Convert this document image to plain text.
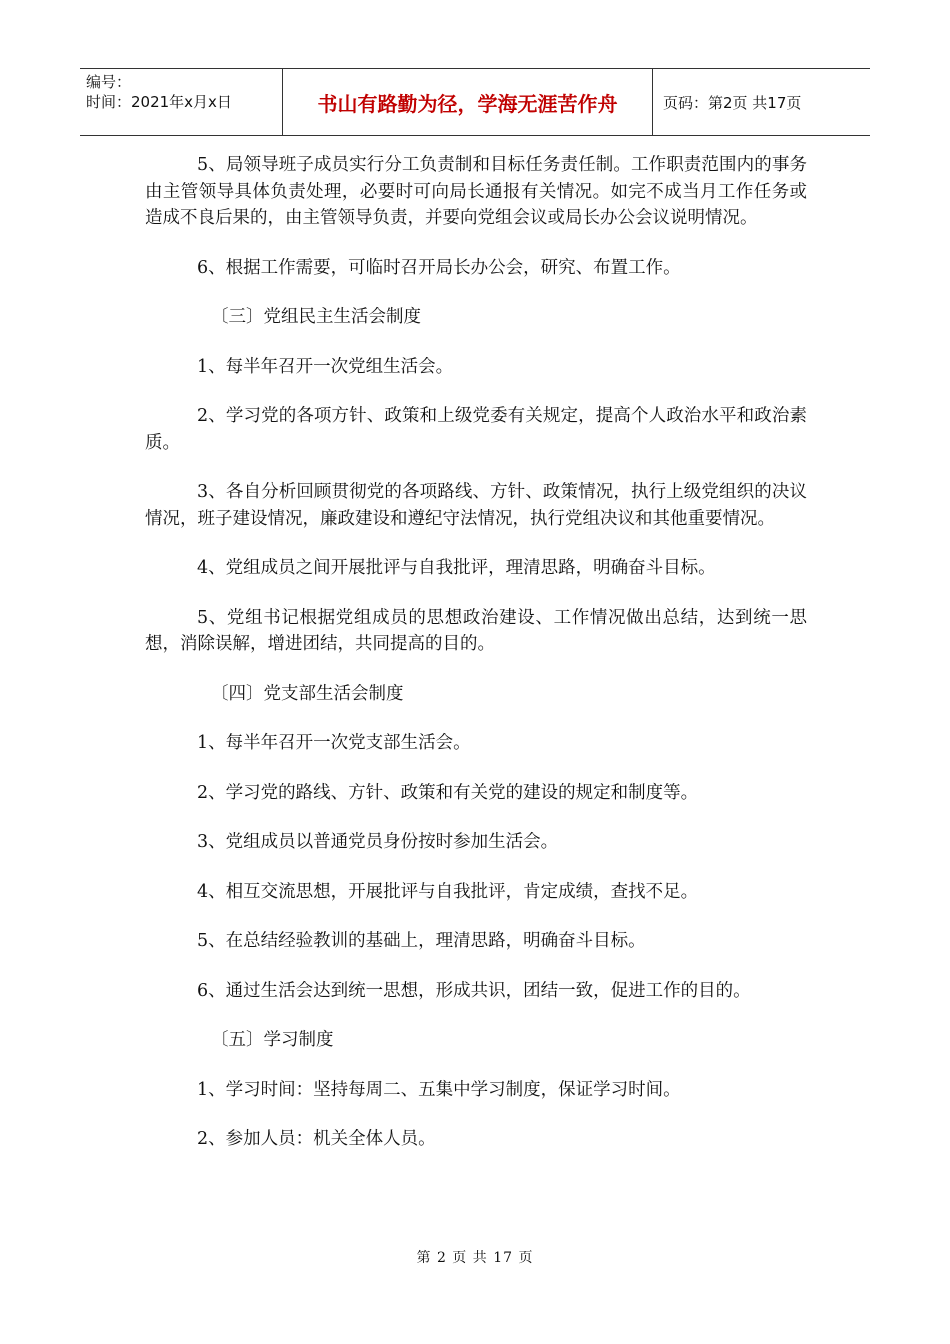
编号：
时间：2021年x月x日	书山有路勤为径，学海无涯苦作舟	页码：第2页 共17页

5、局领导班子成员实行分工负责制和目标任务责任制。工作职责范围内的事务由主管领导具体负责处理，必要时可向局长通报有关情况。如完不成当月工作任务或造成不良后果的，由主管领导负责，并要向党组会议或局长办公会议说明情况。

6、根据工作需要，可临时召开局长办公会，研究、布置工作。

〔三〕党组民主生活会制度

1、每半年召开一次党组生活会。

2、学习党的各项方针、政策和上级党委有关规定，提高个人政治水平和政治素质。

3、各自分析回顾贯彻党的各项路线、方针、政策情况，执行上级党组织的决议情况，班子建设情况，廉政建设和遵纪守法情况，执行党组决议和其他重要情况。

4、党组成员之间开展批评与自我批评，理清思路，明确奋斗目标。

5、党组书记根据党组成员的思想政治建设、工作情况做出总结，达到统一思想，消除误解，增进团结，共同提高的目的。

〔四〕党支部生活会制度

1、每半年召开一次党支部生活会。

2、学习党的路线、方针、政策和有关党的建设的规定和制度等。

3、党组成员以普通党员身份按时参加生活会。

4、相互交流思想，开展批评与自我批评，肯定成绩，查找不足。

5、在总结经验教训的基础上，理清思路，明确奋斗目标。

6、通过生活会达到统一思想，形成共识，团结一致，促进工作的目的。

〔五〕学习制度

1、学习时间：坚持每周二、五集中学习制度，保证学习时间。

2、参加人员：机关全体人员。

第 2 页 共 17 页
